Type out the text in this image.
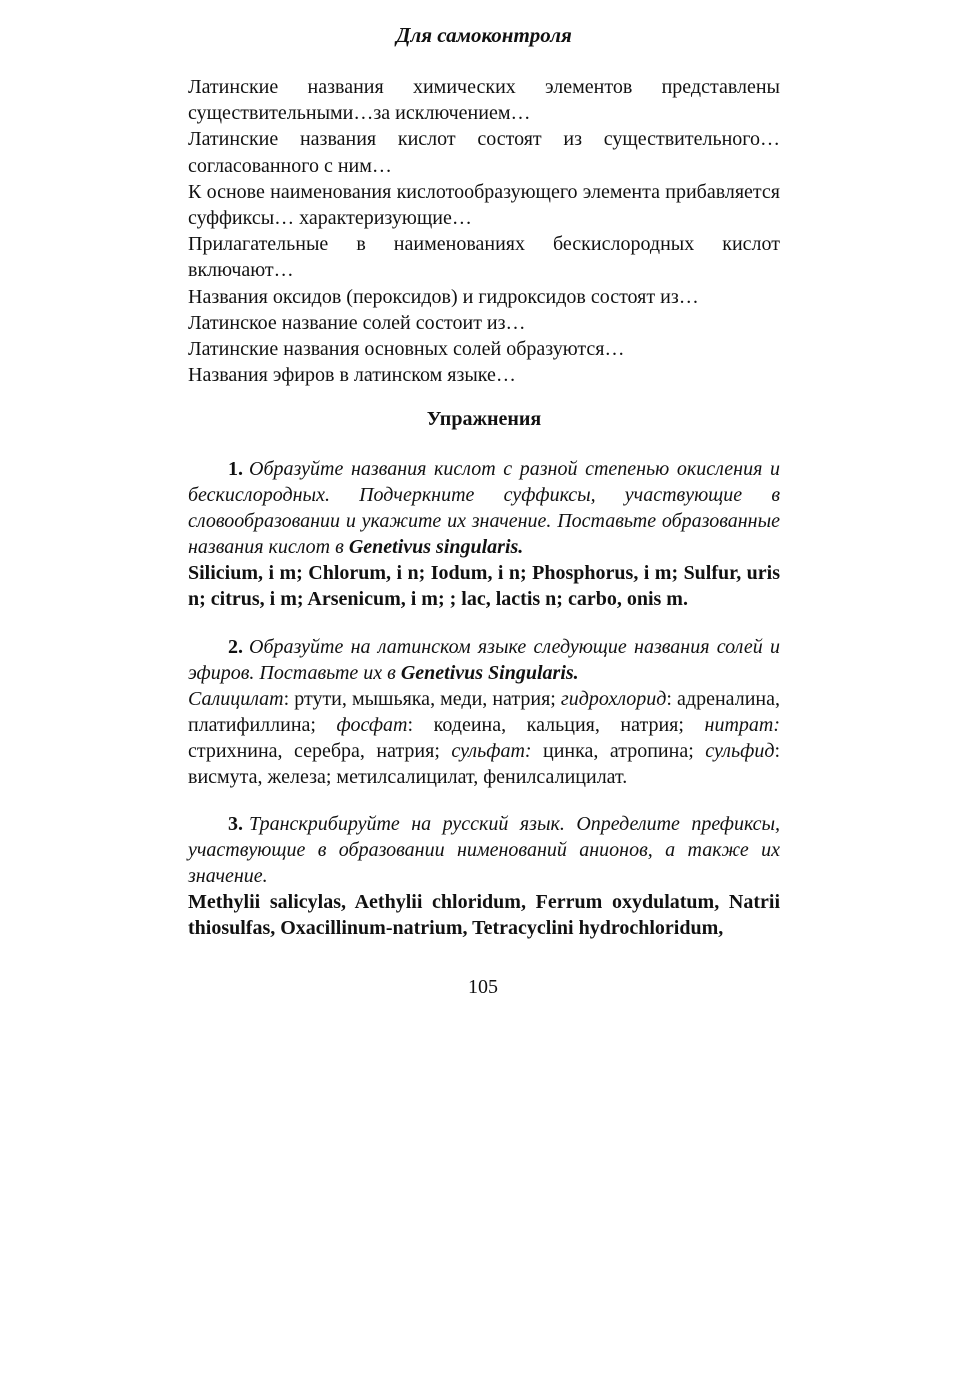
Для самоконтроля
Латинские названия химических элементов представлены существительными…за исключением…
Латинские названия кислот состоят из существительного…согласованного с ним…
К основе наименования кислотообразующего элемента прибавляется суффиксы… характеризующие…
Прилагательные в наименованиях бескислородных кислот включают…
Названия оксидов (пероксидов) и гидроксидов состоят из…
Латинское название солей состоит из…
Латинские названия основных солей образуются…
Названия эфиров в латинском языке…
Упражнения
1. Образуйте названия кислот с разной степенью окисления и бескислородных. Подчеркните суффиксы, участвующие в словообразовании и укажите их значение. Поставьте образованные названия кислот в Genetivus singularis.
Silicium, i m; Chlorum, i n; Iodum, i n; Phosphorus, i m; Sulfur, uris n; citrus, i m; Arsenicum, i m; ; lac, lactis n; carbo, onis m.
2. Образуйте на латинском языке следующие названия солей и эфиров. Поставьте их в Genetivus Singularis.
Салицилат: ртути, мышьяка, меди, натрия; гидрохлорид: адреналина, платифиллина; фосфат: кодеина, кальция, натрия; нитрат: стрихнина, серебра, натрия; сульфат: цинка, атропина; сульфид: висмута, железа; метилсалицилат, фенилсалицилат.
3. Транскрибируйте на русский язык. Определите префиксы, участвующие в образовании нименований анионов, а также их значение.
Methylii salicylas, Aethylii chloridum, Ferrum oxydulatum, Natrii thiosulfas, Oxacillinum-natrium, Tetracyclini hydrochloridum,
105
